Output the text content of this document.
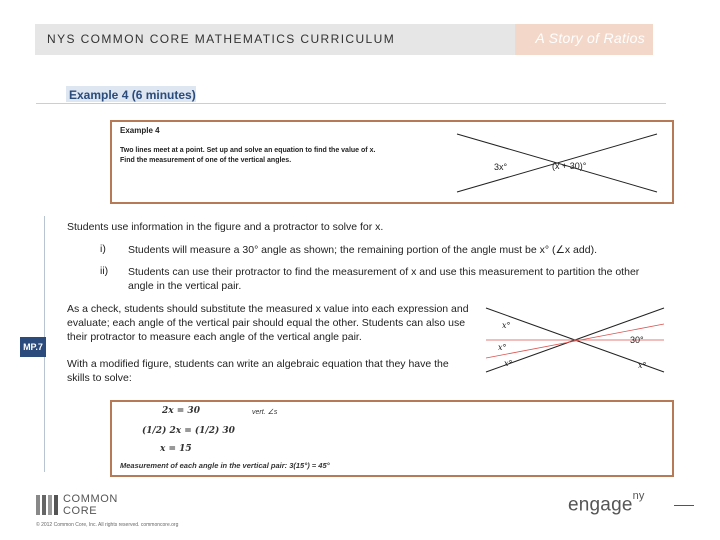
NYS COMMON CORE MATHEMATICS CURRICULUM	A Story of Ratios
Example 4 (6 minutes)
Example 4
Two lines meet at a point. Set up and solve an equation to find the value of x.
Find the measurement of one of the vertical angles.
3x°	(x + 30)°
MP.7
Students use information in the figure and a protractor to solve for x.
i) Students will measure a 30° angle as shown; the remaining portion of the angle must be x° (∠x add).
ii) Students can use their protractor to find the measurement of x and use this measurement to partition the other angle in the vertical pair.
As a check, students should substitute the measured x value into each expression and evaluate; each angle of the vertical pair should equal the other. Students can also use their protractor to measure each angle of the vertical angle pair.
With a modified figure, students can write an algebraic equation that they have the skills to solve:
x°
x°
x°
30°
x°
2x = 30	vert. ∠s
(1/2) 2x = (1/2) 30
x = 15
Measurement of each angle in the vertical pair: 3(15°) = 45°
COMMON
CORE
© 2012 Common Core, Inc. All rights reserved. commoncore.org
engage$^{ny}$
